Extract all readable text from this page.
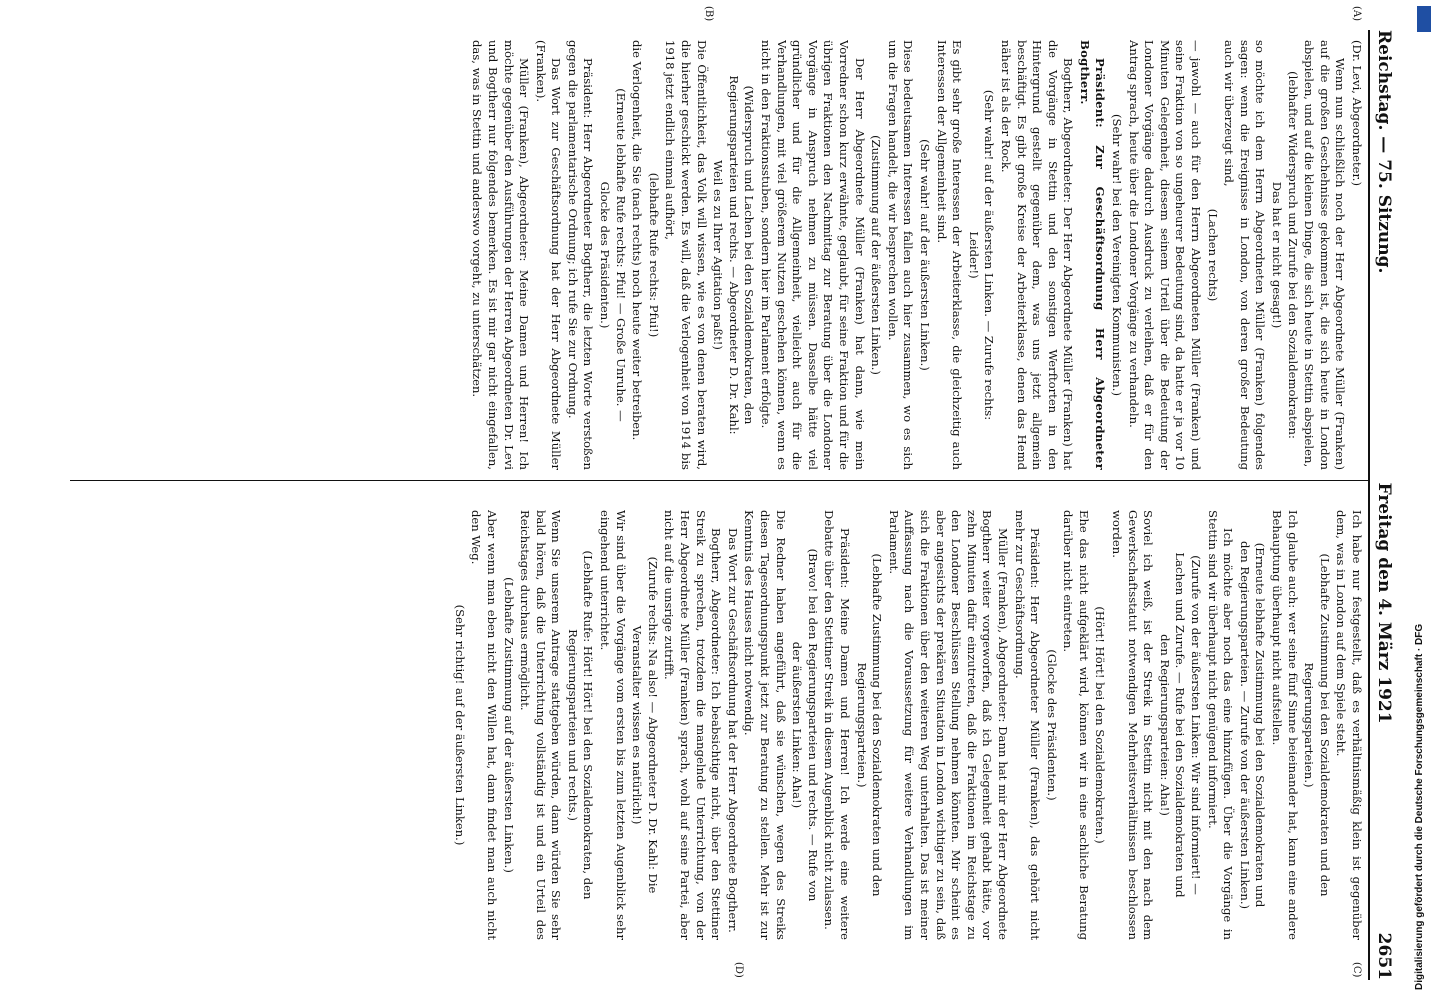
Reichstag. — 75. Sitzung.
Freitag den 4. März 1921
2651
(A)
(B)
(C)
(D)

(Dr. Levi, Abgeordneter.)

Wenn nun schließlich noch der Herr Abgeordnete Müller (Franken) auf die großen Geschehnisse gekommen ist, die sich heute in London abspielen, und auf die kleinen Dinge, die sich heute in Stettin abspielen,

(lebhafter Widerspruch und Zurufe bei den Sozialdemokraten: Das hat er nicht gesagt!)

so möchte ich dem Herrn Abgeordneten Müller (Franken) folgendes sagen: wenn die Ereignisse in London, von deren großer Bedeutung auch wir überzeugt sind,

(Lachen rechts)

— jawohl — auch für den Herrn Abgeordneten Müller (Franken) und seine Fraktion von so ungeheurer Bedeutung sind, da hatte er ja vor 10 Minuten Gelegenheit, diesem seinem Urteil über die Bedeutung der Londoner Vorgänge dadurch Ausdruck zu verleihen, daß er für den Antrag sprach, heute über die Londoner Vorgänge zu verhandeln.

(Sehr wahr! bei den Vereinigten Kommunisten.)

Präsident: Zur Geschäftsordnung Herr Abgeordneter Bogtherr.

Bogtherr, Abgeordneter: Der Herr Abgeordnete Müller (Franken) hat die Vorgänge in Stettin und den sonstigen Werftorten in den Hintergrund gestellt gegenüber dem, was uns jetzt allgemein beschäftigt. Es gibt große Kreise der Arbeiterklasse, denen das Hemd näher ist als der Rock.

(Sehr wahr! auf der äußersten Linken. — Zurufe rechts: Leider!)

Es gibt sehr große Interessen der Arbeiterklasse, die gleichzeitig auch Interessen der Allgemeinheit sind.

(Sehr wahr! auf der äußersten Linken.)

Diese bedeutsamen Interessen fallen auch hier zusammen, wo es sich um die Fragen handelt, die wir besprechen wollen.

(Zustimmung auf der äußersten Linken.)

Der Herr Abgeordnete Müller (Franken) hat dann, wie mein Vorredner schon kurz erwähnte, geglaubt, für seine Fraktion und für die übrigen Fraktionen den Nachmittag zur Beratung über die Londoner Vorgänge in Anspruch nehmen zu müssen. Dasselbe hätte viel gründlicher und für die Allgemeinheit, vielleicht auch für die Verhandlungen, mit viel größerem Nutzen geschehen können, wenn es nicht in den Fraktionsstuben, sondern hier im Parlament erfolgte.

(Widerspruch und Lachen bei den Sozialdemokraten, den Regierungsparteien und rechts. — Abgeordneter D. Dr. Kahl: Weil es zu Ihrer Agitation paßt!)

Die Öffentlichkeit, das Volk will wissen, wie es von denen beraten wird, die hierher geschickt werden. Es will, daß die Verlogenheit von 1914 bis 1918 jetzt endlich einmal aufhört,

(lebhafte Rufe rechts: Pfui!)

die Verlogenheit, die Sie (nach rechts) noch heute weiter betreiben.

(Erneute lebhafte Rufe rechts: Pfui! — Große Unruhe. — Glocke des Präsidenten.)

Präsident: Herr Abgeordneter Bogtherr, die letzten Worte verstoßen gegen die parlamentarische Ordnung; ich rufe Sie zur Ordnung.

Das Wort zur Geschäftsordnung hat der Herr Abgeordnete Müller (Franken).

Müller (Franken), Abgeordneter: Meine Damen und Herren! Ich möchte gegenüber den Ausführungen der Herren Abgeordneten Dr. Levi und Bogtherr nur folgendes bemerken. Es ist mir gar nicht eingefallen, das, was in Stettin und anderswo vorgeht, zu unterschätzen.

Ich habe nur festgestellt, daß es verhältnismäßig klein ist gegenüber dem, was in London auf dem Spiele steht.

(Lebhafte Zustimmung bei den Sozialdemokraten und den Regierungsparteien.)

Ich glaube auch: wer seine fünf Sinne beieinander hat, kann eine andere Behauptung überhaupt nicht aufstellen.

(Erneute lebhafte Zustimmung bei den Sozialdemokraten und den Regierungsparteien. — Zurufe von der äußersten Linken.)

Ich möchte aber noch das eine hinzufügen. Über die Vorgänge in Stettin sind wir überhaupt nicht genügend informiert.

(Zurufe von der äußersten Linken: Wir sind informiert! — Lachen und Zurufe. — Rufe bei den Sozialdemokraten und den Regierungsparteien: Aha!)

Soviel ich weiß, ist der Streik in Stettin nicht mit den nach dem Gewerkschaftsstatut notwendigen Mehrheitsverhältnissen beschlossen worden.

(Hört! Hört! bei den Sozialdemokraten.)

Ehe das nicht aufgeklärt wird, können wir in eine sachliche Beratung darüber nicht eintreten.

(Glocke des Präsidenten.)

Präsident: Herr Abgeordneter Müller (Franken), das gehört nicht mehr zur Geschäftsordnung.

Müller (Franken), Abgeordneter: Dann hat mir der Herr Abgeordnete Bogtherr weiter vorgeworfen, daß ich Gelegenheit gehabt hätte, vor zehn Minuten dafür einzutreten, daß die Fraktionen im Reichstage zu den Londoner Beschlüssen Stellung nehmen könnten. Mir scheint es aber angesichts der prekären Situation in London wichtiger zu sein, daß sich die Fraktionen über den weiteren Weg unterhalten. Das ist meiner Auffassung nach die Voraussetzung für weitere Verhandlungen im Parlament.

(Lebhafte Zustimmung bei den Sozialdemokraten und den Regierungsparteien.)

Präsident: Meine Damen und Herren! Ich werde eine weitere Debatte über den Stettiner Streik in diesem Augenblick nicht zulassen.

(Bravo! bei den Regierungsparteien und rechts. — Rufe von der äußersten Linken: Aha!)

Die Redner haben angeführt, daß sie wünschen, wegen des Streiks diesen Tagesordnungspunkt jetzt zur Beratung zu stellen. Mehr ist zur Kenntnis des Hauses nicht notwendig.

Das Wort zur Geschäftsordnung hat der Herr Abgeordnete Bogtherr.

Bogtherr, Abgeordneter: Ich beabsichtige nicht, über den Stettiner Streik zu sprechen, trotzdem die mangelnde Unterrichtung, von der Herr Abgeordnete Müller (Franken) sprach, wohl auf seine Partei, aber nicht auf die unsrige zutrifft.

(Zurufe rechts: Na also! — Abgeordneter D. Dr. Kahl: Die Veranstalter wissen es natürlich!)

Wir sind über die Vorgänge vom ersten bis zum letzten Augenblick sehr eingehend unterrichtet.

(Lebhafte Rufe: Hört! Hört! bei den Sozialdemokraten, den Regierungsparteien und rechts.)

Wenn Sie unserem Antrage stattgeben würden, dann würden Sie sehr bald hören, daß die Unterrichtung vollständig ist und ein Urteil des Reichstages durchaus ermöglicht.

(Lebhafte Zustimmung auf der äußersten Linken.)

Aber wenn man eben nicht den Willen hat, dann findet man auch nicht den Weg.

(Sehr richtig! auf der äußersten Linken.)	Digitalisierung gefördert durch die Deutsche Forschungsgemeinschaft · DFG
